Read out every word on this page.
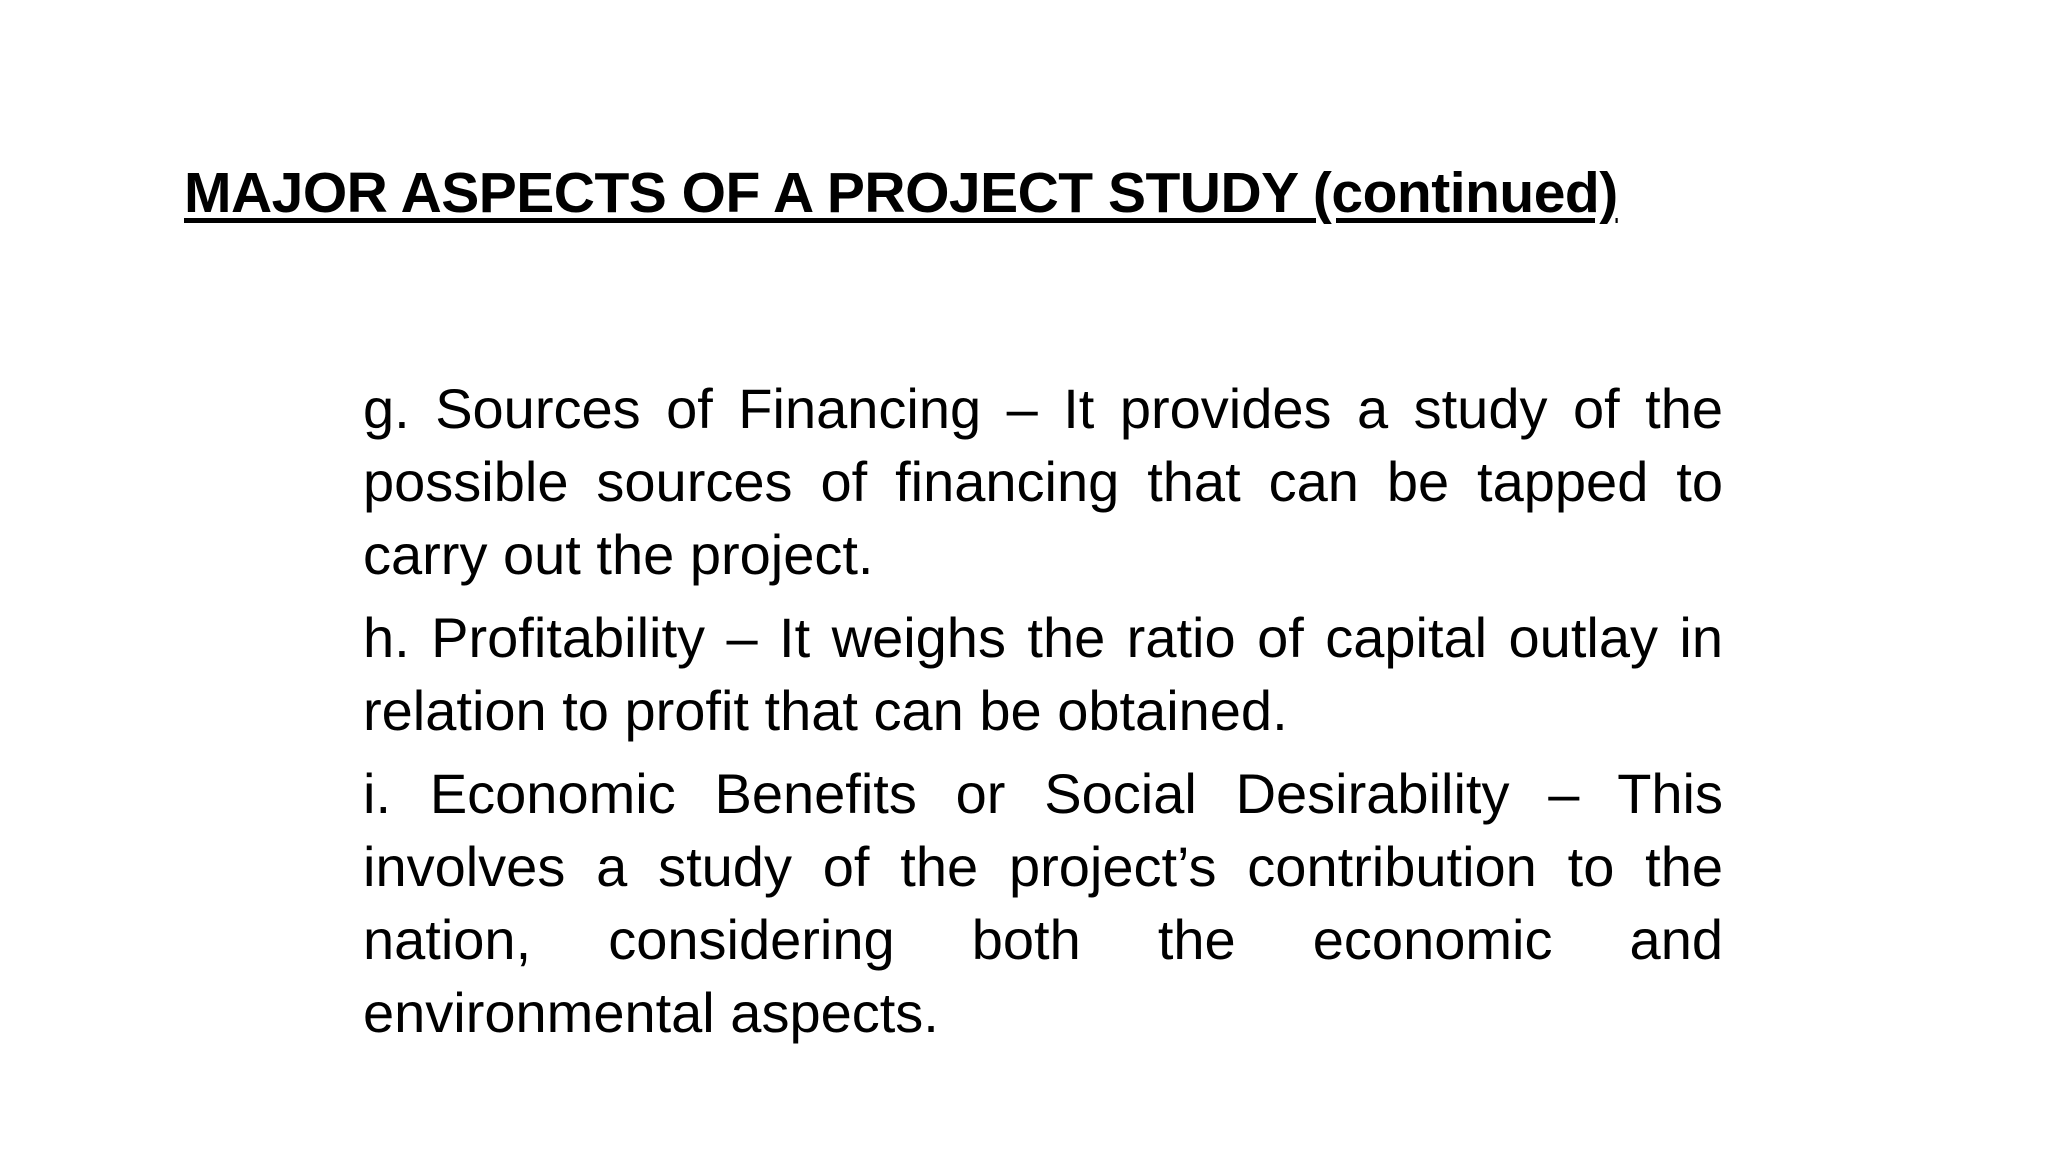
MAJOR ASPECTS OF A PROJECT STUDY (continued)

g. Sources of Financing – It provides a study of the possible sources of financing that can be tapped to carry out the project.

h. Profitability – It weighs the ratio of capital outlay in relation to profit that can be obtained.

i. Economic Benefits or Social Desirability – This involves a study of the project’s contribution to the nation, considering both the economic and environmental aspects.
